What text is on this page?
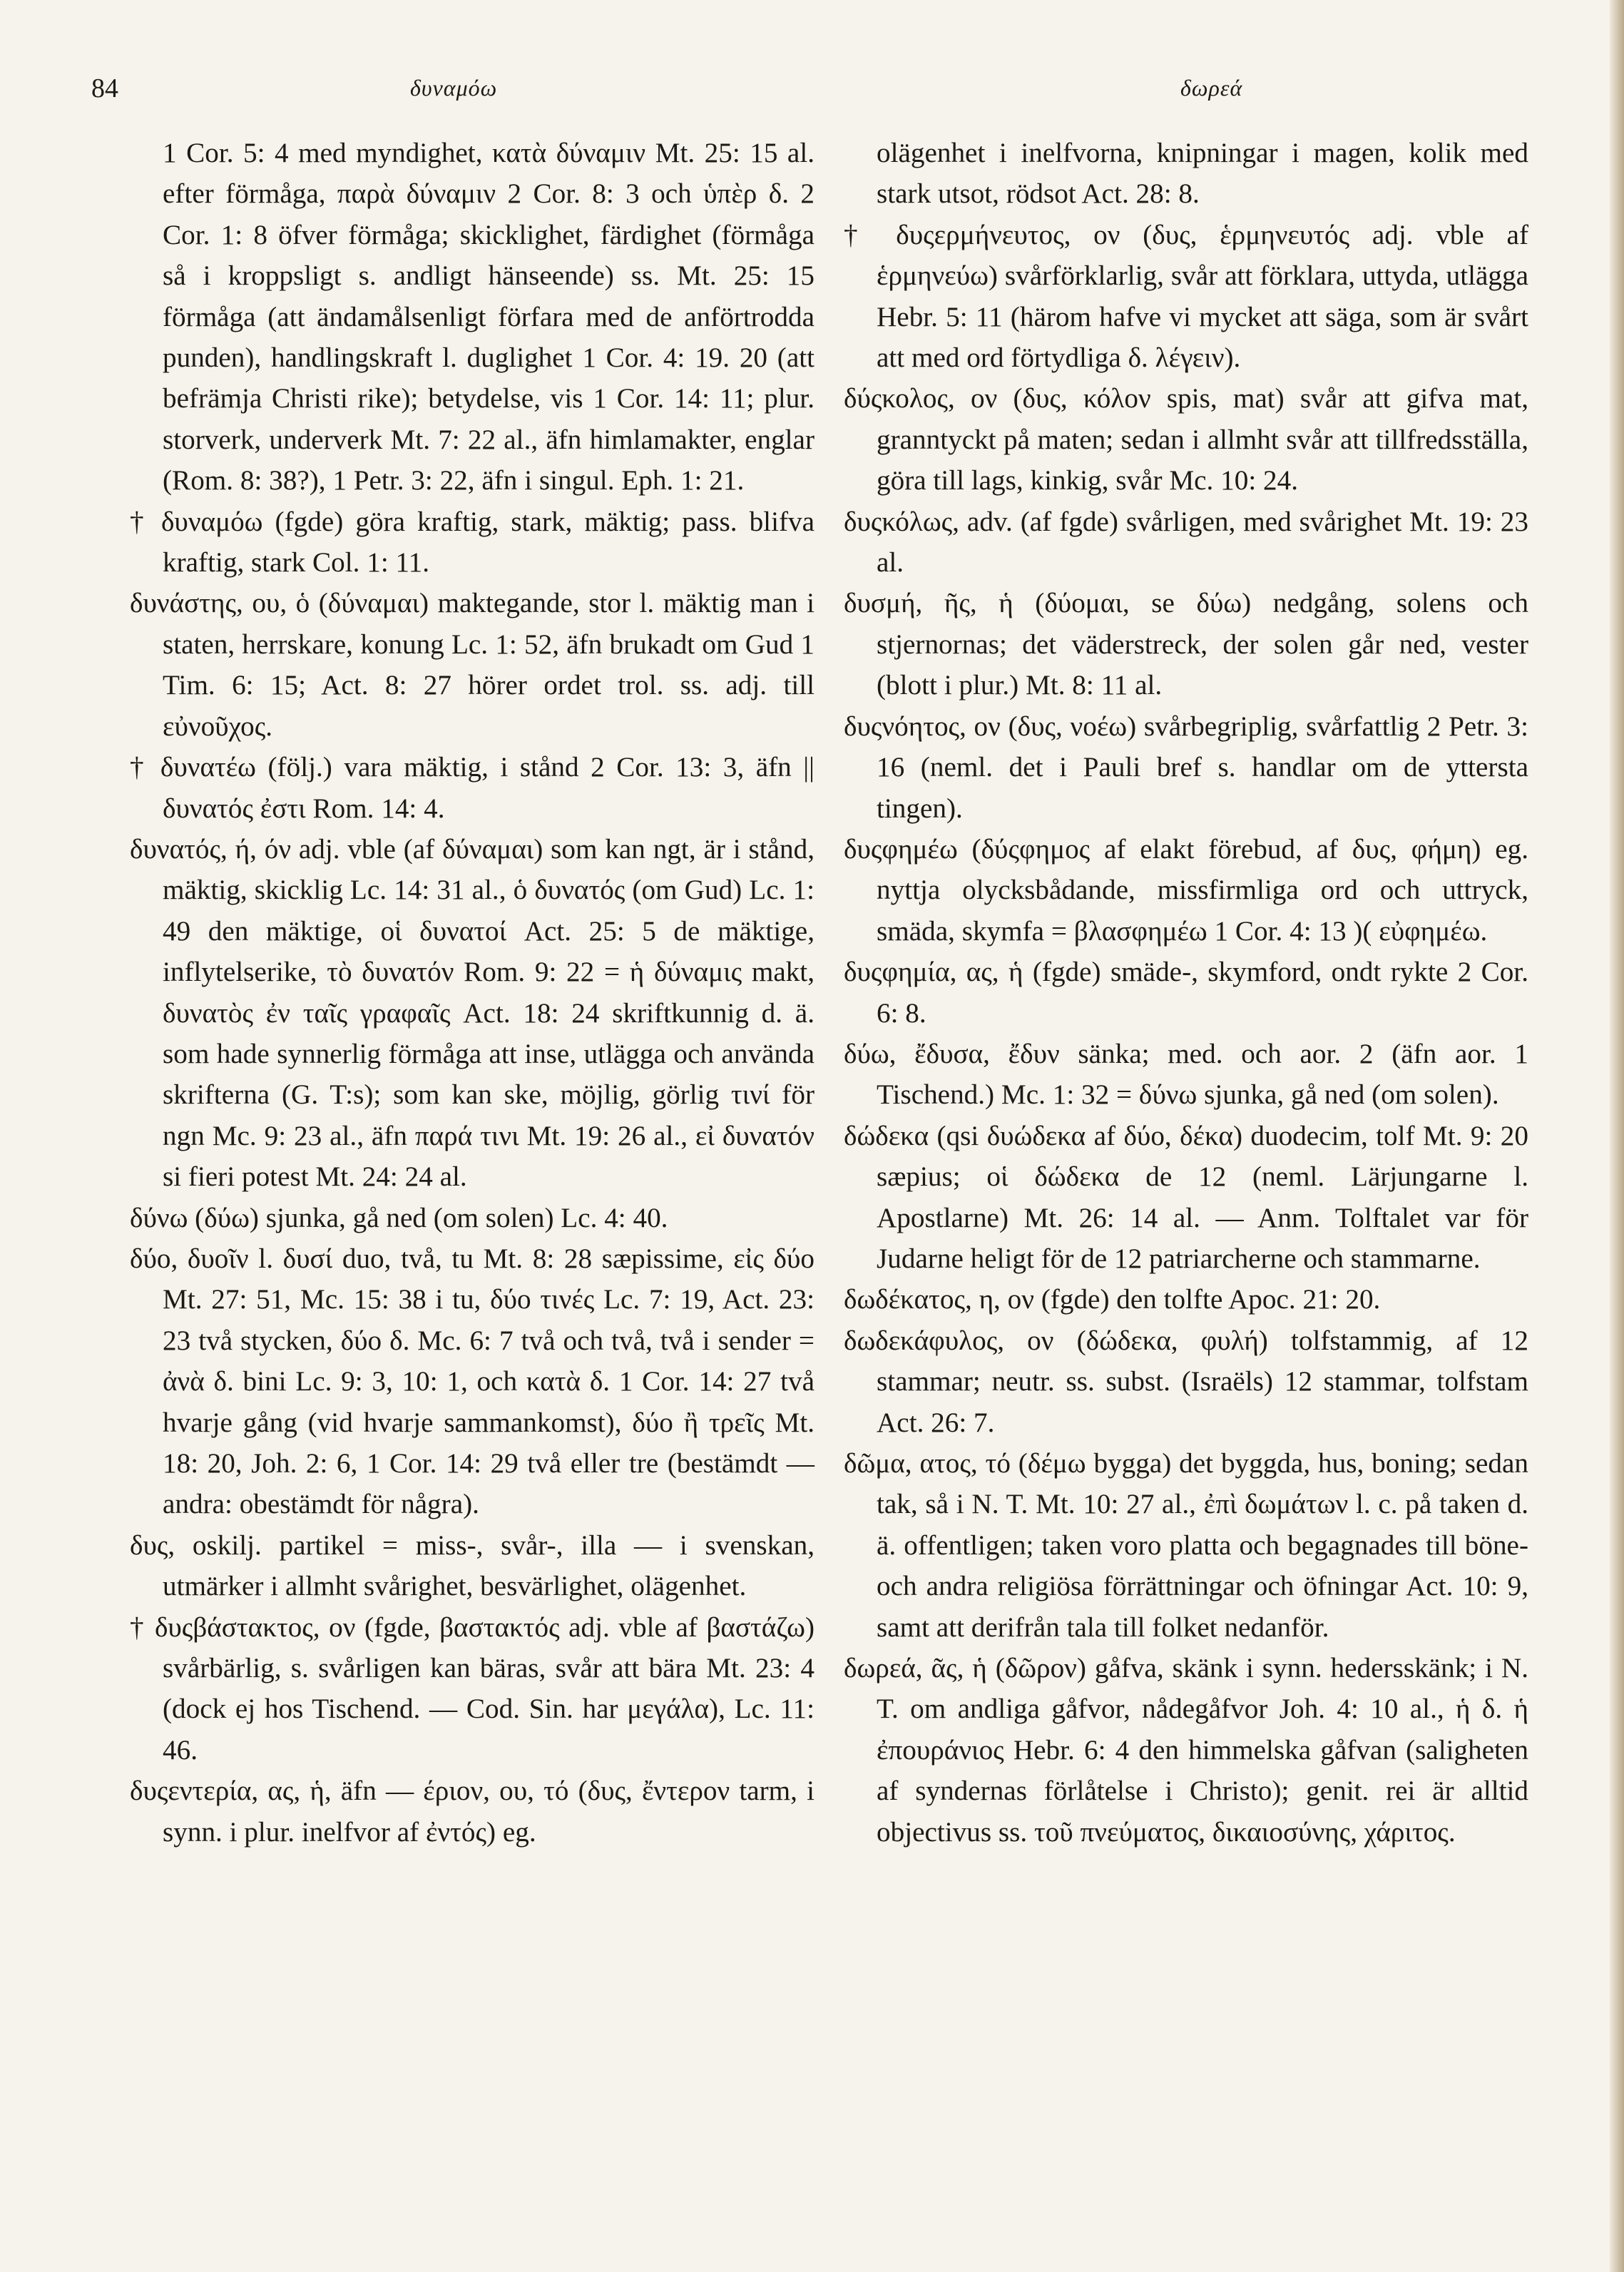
84	δυναμόω	δωρεά

1 Cor. 5: 4 med myndighet, κατὰ δύναμιν Mt. 25: 15 al. efter förmåga, παρὰ δύναμιν 2 Cor. 8: 3 och ὑπὲρ δ. 2 Cor. 1: 8 öfver förmåga; skicklighet, färdighet (förmåga så i kroppsligt s. andligt hänseende) ss. Mt. 25: 15 förmåga (att ändamålsenligt förfara med de anförtrodda punden), handlingskraft l. duglighet 1 Cor. 4: 19. 20 (att befrämja Christi rike); betydelse, vis 1 Cor. 14: 11; plur. storverk, underverk Mt. 7: 22 al., äfn himlamakter, englar (Rom. 8: 38?), 1 Petr. 3: 22, äfn i singul. Eph. 1: 21.

† δυναμόω (fgde) göra kraftig, stark, mäktig; pass. blifva kraftig, stark Col. 1: 11.

δυνάστης, ου, ὁ (δύναμαι) maktegande, stor l. mäktig man i staten, herrskare, konung Lc. 1: 52, äfn brukadt om Gud 1 Tim. 6: 15; Act. 8: 27 hörer ordet trol. ss. adj. till εὐνοῦχος.

† δυνατέω (följ.) vara mäktig, i stånd 2 Cor. 13: 3, äfn || δυνατός ἐστι Rom. 14: 4.

δυνατός, ή, όν adj. vble (af δύναμαι) som kan ngt, är i stånd, mäktig, skicklig Lc. 14: 31 al., ὁ δυνατός (om Gud) Lc. 1: 49 den mäktige, οἱ δυνατοί Act. 25: 5 de mäktige, inflytelserike, τὸ δυνατόν Rom. 9: 22 = ἡ δύναμις makt, δυνατὸς ἐν ταῖς γραφαῖς Act. 18: 24 skriftkunnig d. ä. som hade synnerlig förmåga att inse, utlägga och använda skrifterna (G. T:s); som kan ske, möjlig, görlig τινί för ngn Mc. 9: 23 al., äfn παρά τινι Mt. 19: 26 al., εἰ δυνατόν si fieri potest Mt. 24: 24 al.

δύνω (δύω) sjunka, gå ned (om solen) Lc. 4: 40.

δύο, δυοῖν l. δυσί duo, två, tu Mt. 8: 28 sæpissime, εἰς δύο Mt. 27: 51, Mc. 15: 38 i tu, δύο τινές Lc. 7: 19, Act. 23: 23 två stycken, δύο δ. Mc. 6: 7 två och två, två i sender = ἀνὰ δ. bini Lc. 9: 3, 10: 1, och κατὰ δ. 1 Cor. 14: 27 två hvarje gång (vid hvarje sammankomst), δύο ἢ τρεῖς Mt. 18: 20, Joh. 2: 6, 1 Cor. 14: 29 två eller tre (bestämdt — andra: obestämdt för några).

δυς, oskilj. partikel = miss-, svår-, illa — i svenskan, utmärker i allmht svårighet, besvärlighet, olägenhet.

† δυςβάστακτος, ον (fgde, βαστακτός adj. vble af βαστάζω) svårbärlig, s. svårligen kan bäras, svår att bära Mt. 23: 4 (dock ej hos Tischend. — Cod. Sin. har μεγάλα), Lc. 11: 46.

δυςεντερία, ας, ἡ, äfn — έριον, ου, τό (δυς, ἔντερον tarm, i synn. i plur. inelfvor af ἐντός) eg.

olägenhet i inelfvorna, knipningar i magen, kolik med stark utsot, rödsot Act. 28: 8.

† δυςερμήνευτος, ον (δυς, ἑρμηνευτός adj. vble af ἑρμηνεύω) svårförklarlig, svår att förklara, uttyda, utlägga Hebr. 5: 11 (härom hafve vi mycket att säga, som är svårt att med ord förtydliga δ. λέγειν).

δύςκολος, ον (δυς, κόλον spis, mat) svår att gifva mat, granntyckt på maten; sedan i allmht svår att tillfredsställa, göra till lags, kinkig, svår Mc. 10: 24.

δυςκόλως, adv. (af fgde) svårligen, med svårighet Mt. 19: 23 al.

δυσμή, ῆς, ἡ (δύομαι, se δύω) nedgång, solens och stjernornas; det väderstreck, der solen går ned, vester (blott i plur.) Mt. 8: 11 al.

δυςνόητος, ον (δυς, νοέω) svårbegriplig, svårfattlig 2 Petr. 3: 16 (neml. det i Pauli bref s. handlar om de yttersta tingen).

δυςφημέω (δύςφημος af elakt förebud, af δυς, φήμη) eg. nyttja olycksbådande, missfirmliga ord och uttryck, smäda, skymfa = βλασφημέω 1 Cor. 4: 13 )( εὐφημέω.

δυςφημία, ας, ἡ (fgde) smäde-, skymford, ondt rykte 2 Cor. 6: 8.

δύω, ἔδυσα, ἔδυν sänka; med. och aor. 2 (äfn aor. 1 Tischend.) Mc. 1: 32 = δύνω sjunka, gå ned (om solen).

δώδεκα (qsi δυώδεκα af δύο, δέκα) duodecim, tolf Mt. 9: 20 sæpius; οἱ δώδεκα de 12 (neml. Lärjungarne l. Apostlarne) Mt. 26: 14 al. — Anm. Tolftalet var för Judarne heligt för de 12 patriarcherne och stammarne.

δωδέκατος, η, ον (fgde) den tolfte Apoc. 21: 20.

δωδεκάφυλος, ον (δώδεκα, φυλή) tolfstammig, af 12 stammar; neutr. ss. subst. (Israëls) 12 stammar, tolfstam Act. 26: 7.

δῶμα, ατος, τό (δέμω bygga) det byggda, hus, boning; sedan tak, så i N. T. Mt. 10: 27 al., ἐπὶ δωμάτων l. c. på taken d. ä. offentligen; taken voro platta och begagnades till böne- och andra religiösa förrättningar och öfningar Act. 10: 9, samt att derifrån tala till folket nedanför.

δωρεά, ᾶς, ἡ (δῶρον) gåfva, skänk i synn. hedersskänk; i N. T. om andliga gåfvor, nådegåfvor Joh. 4: 10 al., ἡ δ. ἡ ἐπουράνιος Hebr. 6: 4 den himmelska gåfvan (saligheten af syndernas förlåtelse i Christo); genit. rei är alltid objectivus ss. τοῦ πνεύματος, δικαιοσύνης, χάριτος.
